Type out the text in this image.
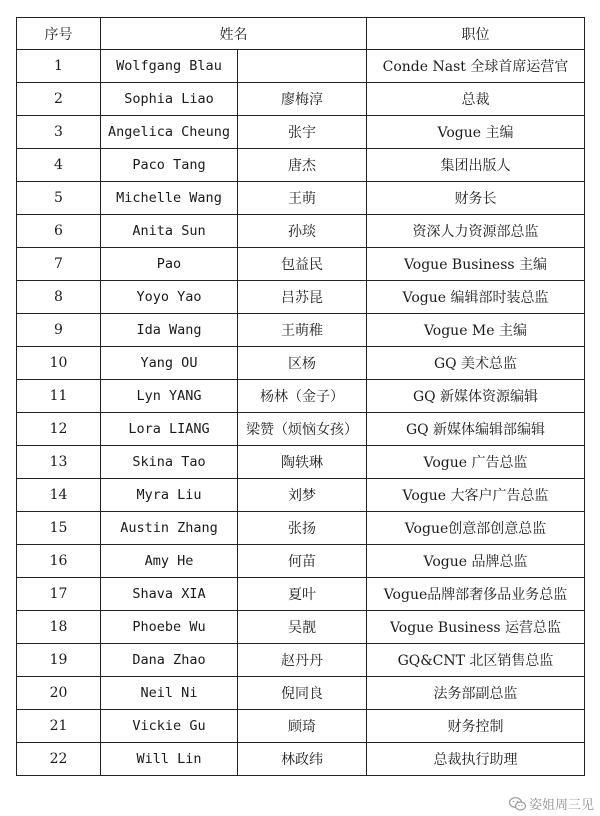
序号	姓名		职位
1	Wolfgang Blau		Conde Nast 全球首席运营官
2	Sophia Liao	廖梅淳	总裁
3	Angelica Cheung	张宇	Vogue 主编
4	Paco Tang	唐杰	集团出版人
5	Michelle Wang	王萌	财务长
6	Anita Sun	孙琰	资深人力资源部总监
7	Pao	包益民	Vogue Business 主编
8	Yoyo Yao	吕苏昆	Vogue 编辑部时装总监
9	Ida Wang	王萌稚	Vogue Me 主编
10	Yang OU	区杨	GQ 美术总监
11	Lyn YANG	杨林（金子）	GQ 新媒体资源编辑
12	Lora LIANG	梁赞（烦恼女孩）	GQ 新媒体编辑部编辑
13	Skina Tao	陶轶琳	Vogue 广告总监
14	Myra Liu	刘梦	Vogue 大客户广告总监
15	Austin Zhang	张扬	Vogue创意部创意总监
16	Amy He	何苗	Vogue 品牌总监
17	Shava XIA	夏叶	Vogue品牌部奢侈品业务总监
18	Phoebe Wu	吴靓	Vogue Business 运营总监
19	Dana Zhao	赵丹丹	GQ&CNT 北区销售总监
20	Neil Ni	倪同良	法务部副总监
21	Vickie Gu	顾琦	财务控制
22	Will Lin	林政纬	总裁执行助理
姿姐周三见
